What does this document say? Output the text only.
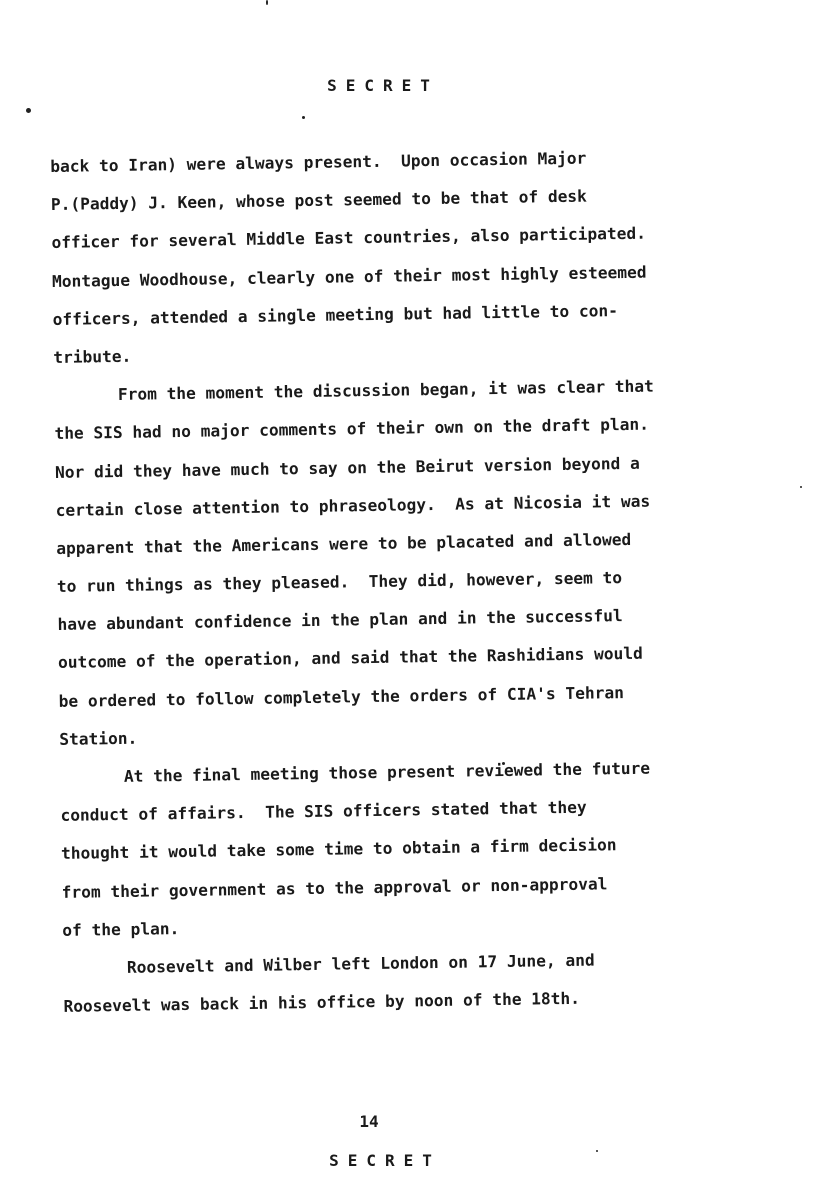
SECRET
back to Iran) were always present.  Upon occasion Major
P.(Paddy) J. Keen, whose post seemed to be that of desk
officer for several Middle East countries, also participated.
Montague Woodhouse, clearly one of their most highly esteemed
officers, attended a single meeting but had little to con-
tribute.
From the moment the discussion began, it was clear that
the SIS had no major comments of their own on the draft plan.
Nor did they have much to say on the Beirut version beyond a
certain close attention to phraseology.  As at Nicosia it was
apparent that the Americans were to be placated and allowed
to run things as they pleased.  They did, however, seem to
have abundant confidence in the plan and in the successful
outcome of the operation, and said that the Rashidians would
be ordered to follow completely the orders of CIA's Tehran
Station.
At the final meeting those present reviewed the future
conduct of affairs.  The SIS officers stated that they
thought it would take some time to obtain a firm decision
from their government as to the approval or non-approval
of the plan.
Roosevelt and Wilber left London on 17 June, and
Roosevelt was back in his office by noon of the 18th.
14
SECRET
